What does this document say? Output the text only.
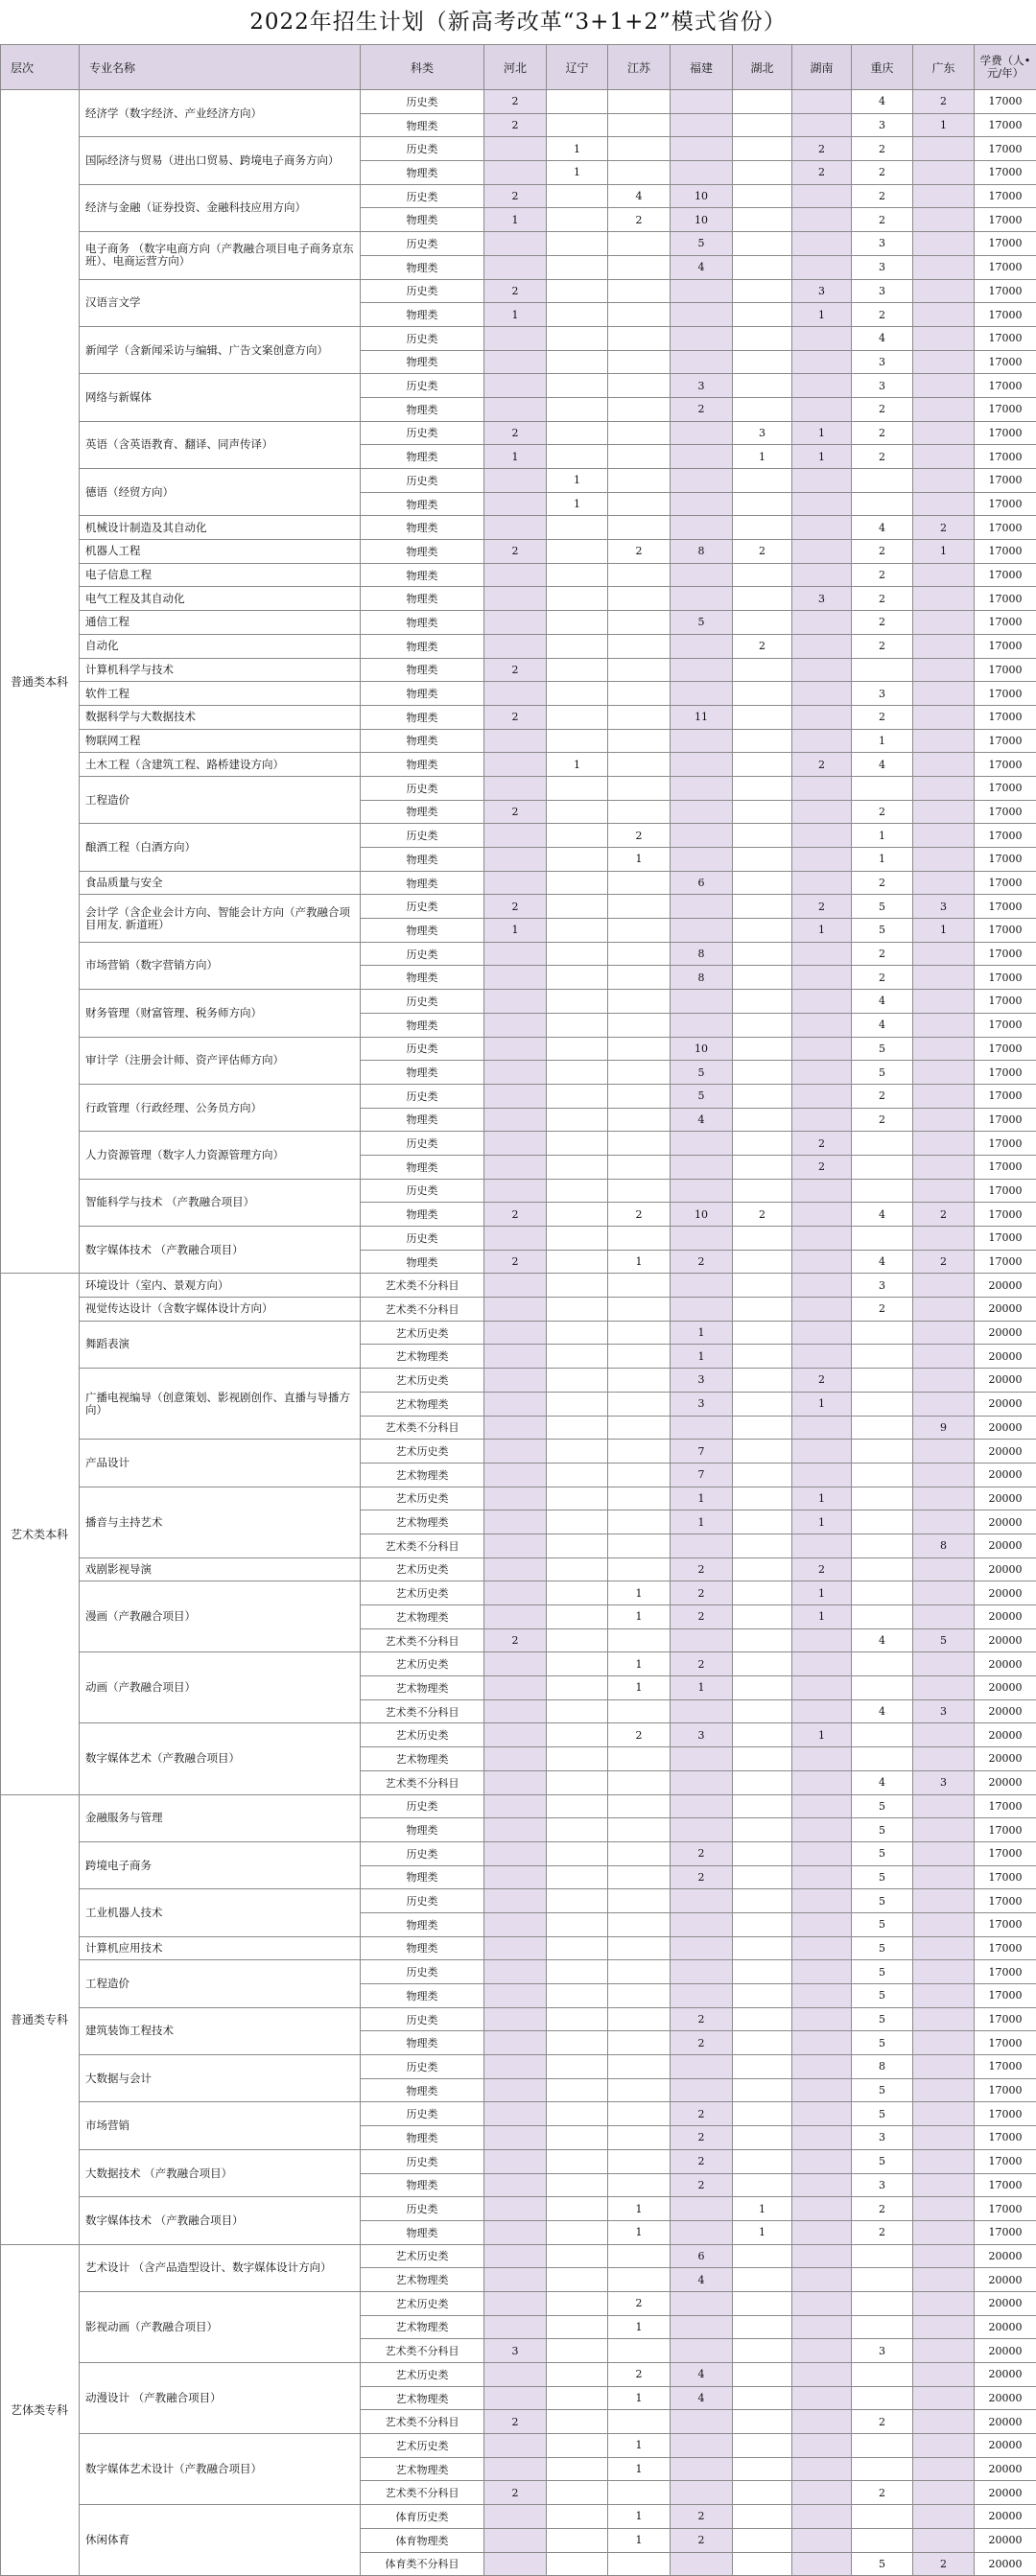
2022年招生计划（新高考改革“3+1+2”模式省份）
层次	专业名称	科类	河北	辽宁	江苏	福建	湖北	湖南	重庆	广东	学费（人•元/年）
普通类本科	经济学（数字经济、产业经济方向）	历史类	2						4	2	17000
		物理类	2						3	1	17000
	国际经济与贸易（进出口贸易、跨境电子商务方向）	历史类		1				2	2		17000
		物理类		1				2	2		17000
	经济与金融（证券投资、金融科技应用方向）	历史类	2		4	10			2		17000
		物理类	1		2	10			2		17000
	电子商务 （数字电商方向（产教融合项目电子商务京东班）、电商运营方向）	历史类				5			3		17000
		物理类				4			3		17000
	汉语言文学	历史类	2					3	3		17000
		物理类	1					1	2		17000
	新闻学（含新闻采访与编辑、广告文案创意方向）	历史类							4		17000
		物理类							3		17000
	网络与新媒体	历史类				3			3		17000
		物理类				2			2		17000
	英语（含英语教育、翻译、同声传译）	历史类	2				3	1	2		17000
		物理类	1				1	1	2		17000
	德语（经贸方向）	历史类		1							17000
		物理类		1							17000
	机械设计制造及其自动化	物理类							4	2	17000
	机器人工程	物理类	2		2	8	2		2	1	17000
	电子信息工程	物理类							2		17000
	电气工程及其自动化	物理类						3	2		17000
	通信工程	物理类				5			2		17000
	自动化	物理类					2		2		17000
	计算机科学与技术	物理类	2								17000
	软件工程	物理类							3		17000
	数据科学与大数据技术	物理类	2			11			2		17000
	物联网工程	物理类							1		17000
	土木工程（含建筑工程、路桥建设方向）	物理类		1				2	4		17000
	工程造价	历史类									17000
		物理类	2						2		17000
	酿酒工程（白酒方向）	历史类			2				1		17000
		物理类			1				1		17000
	食品质量与安全	物理类				6			2		17000
	会计学（含企业会计方向、智能会计方向（产教融合项目用友. 新道班）	历史类	2					2	5	3	17000
		物理类	1					1	5	1	17000
	市场营销（数字营销方向）	历史类				8			2		17000
		物理类				8			2		17000
	财务管理（财富管理、税务师方向）	历史类							4		17000
		物理类							4		17000
	审计学（注册会计师、资产评估师方向）	历史类				10			5		17000
		物理类				5			5		17000
	行政管理（行政经理、公务员方向）	历史类				5			2		17000
		物理类				4			2		17000
	人力资源管理（数字人力资源管理方向）	历史类						2			17000
		物理类						2			17000
	智能科学与技术 （产教融合项目）	历史类									17000
		物理类	2		2	10	2		4	2	17000
	数字媒体技术 （产教融合项目）	历史类									17000
		物理类	2		1	2			4	2	17000
艺术类本科	环境设计（室内、景观方向）	艺术类不分科目							3		20000
	视觉传达设计（含数字媒体设计方向）	艺术类不分科目							2		20000
	舞蹈表演	艺术历史类				1					20000
		艺术物理类				1					20000
	广播电视编导（创意策划、影视剧创作、直播与导播方向）	艺术历史类				3		2			20000
		艺术物理类				3		1			20000
		艺术类不分科目								9	20000
	产品设计	艺术历史类				7					20000
		艺术物理类				7					20000
	播音与主持艺术	艺术历史类				1		1			20000
		艺术物理类				1		1			20000
		艺术类不分科目								8	20000
	戏剧影视导演	艺术历史类				2		2			20000
	漫画（产教融合项目）	艺术历史类			1	2		1			20000
		艺术物理类			1	2		1			20000
		艺术类不分科目	2						4	5	20000
	动画（产教融合项目）	艺术历史类			1	2					20000
		艺术物理类			1	1					20000
		艺术类不分科目							4	3	20000
	数字媒体艺术（产教融合项目）	艺术历史类			2	3		1			20000
		艺术物理类									20000
		艺术类不分科目							4	3	20000
普通类专科	金融服务与管理	历史类							5		17000
		物理类							5		17000
	跨境电子商务	历史类				2			5		17000
		物理类				2			5		17000
	工业机器人技术	历史类							5		17000
		物理类							5		17000
	计算机应用技术	物理类							5		17000
	工程造价	历史类							5		17000
		物理类							5		17000
	建筑装饰工程技术	历史类				2			5		17000
		物理类				2			5		17000
	大数据与会计	历史类							8		17000
		物理类							5		17000
	市场营销	历史类				2			5		17000
		物理类				2			3		17000
	大数据技术 （产教融合项目）	历史类				2			5		17000
		物理类				2			3		17000
	数字媒体技术 （产教融合项目）	历史类			1		1		2		17000
		物理类			1		1		2		17000
艺体类专科	艺术设计 （含产品造型设计、数字媒体设计方向）	艺术历史类				6					20000
		艺术物理类				4					20000
	影视动画（产教融合项目）	艺术历史类			2						20000
		艺术物理类			1						20000
		艺术类不分科目	3						3		20000
	动漫设计 （产教融合项目）	艺术历史类			2	4					20000
		艺术物理类			1	4					20000
		艺术类不分科目	2						2		20000
	数字媒体艺术设计（产教融合项目）	艺术历史类			1						20000
		艺术物理类			1						20000
		艺术类不分科目	2						2		20000
	休闲体育	体育历史类			1	2					20000
		体育物理类			1	2					20000
		体育类不分科目							5	2	20000
